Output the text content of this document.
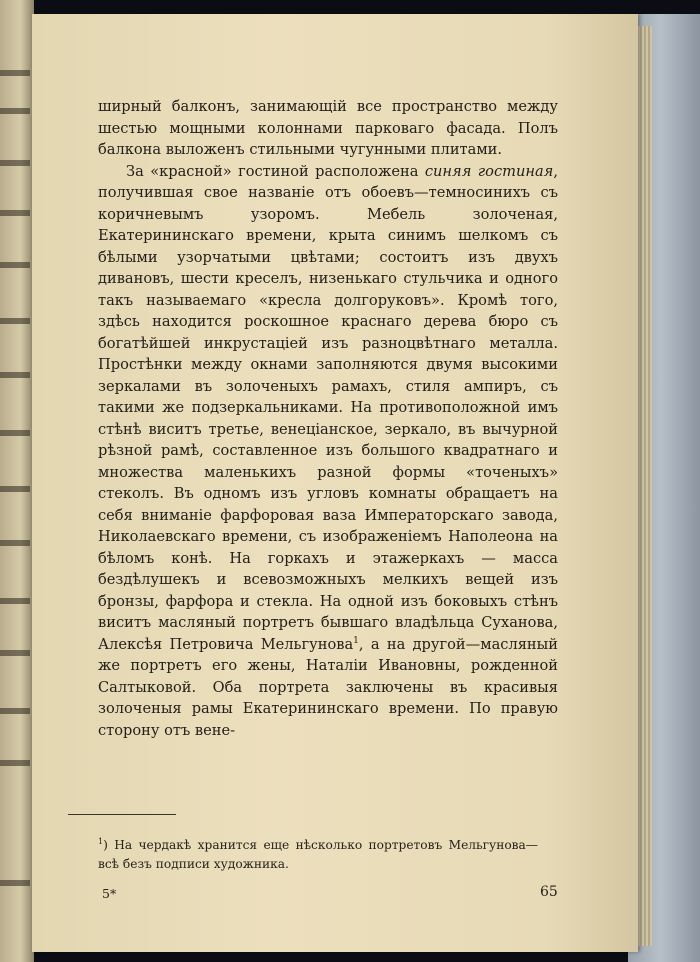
ширный балконъ, занимающій все пространство между шестью мощными колоннами парковаго фасада. Полъ балкона выложенъ стильными чугунными плитами.

За «красной» гостиной расположена синяя гостиная, получившая свое названіе отъ обоевъ—темносинихъ съ коричневымъ узоромъ. Мебель золоченая, Екатерининскаго времени, крыта синимъ шелкомъ съ бѣлыми узорчатыми цвѣтами; состоитъ изъ двухъ дивановъ, шести креселъ, низенькаго стульчика и одного такъ называемаго «кресла долгоруковъ». Кромѣ того, здѣсь находится роскошное краснаго дерева бюро съ богатѣйшей инкрустаціей изъ разноцвѣтнаго металла. Простѣнки между окнами заполняются двумя высокими зеркалами въ золоченыхъ рамахъ, стиля ампиръ, съ такими же подзеркальниками. На противоположной имъ стѣнѣ виситъ третье, венеціанское, зеркало, въ вычурной рѣзной рамѣ, составленное изъ большого квадратнаго и множества маленькихъ разной формы «точеныхъ» стеколъ. Въ одномъ изъ угловъ комнаты обращаетъ на себя вниманіе фарфоровая ваза Императорскаго завода, Николаевскаго времени, съ изображеніемъ Наполеона на бѣломъ конѣ. На горкахъ и этажеркахъ — масса бездѣлушекъ и всевозможныхъ мелкихъ вещей изъ бронзы, фарфора и стекла. На одной изъ боковыхъ стѣнъ виситъ масляный портретъ бывшаго владѣльца Суханова, Алексѣя Петровича Мельгунова$^1$, а на другой—масляный же портретъ его жены, Наталіи Ивановны, рожденной Салтыковой. Оба портрета заключены въ красивыя золоченыя рамы Екатерининскаго времени. По правую сторону отъ вене-

$^1$) На чердакѣ хранится еще нѣсколько портретовъ Мельгунова—всѣ безъ подписи художника.
5*	65
